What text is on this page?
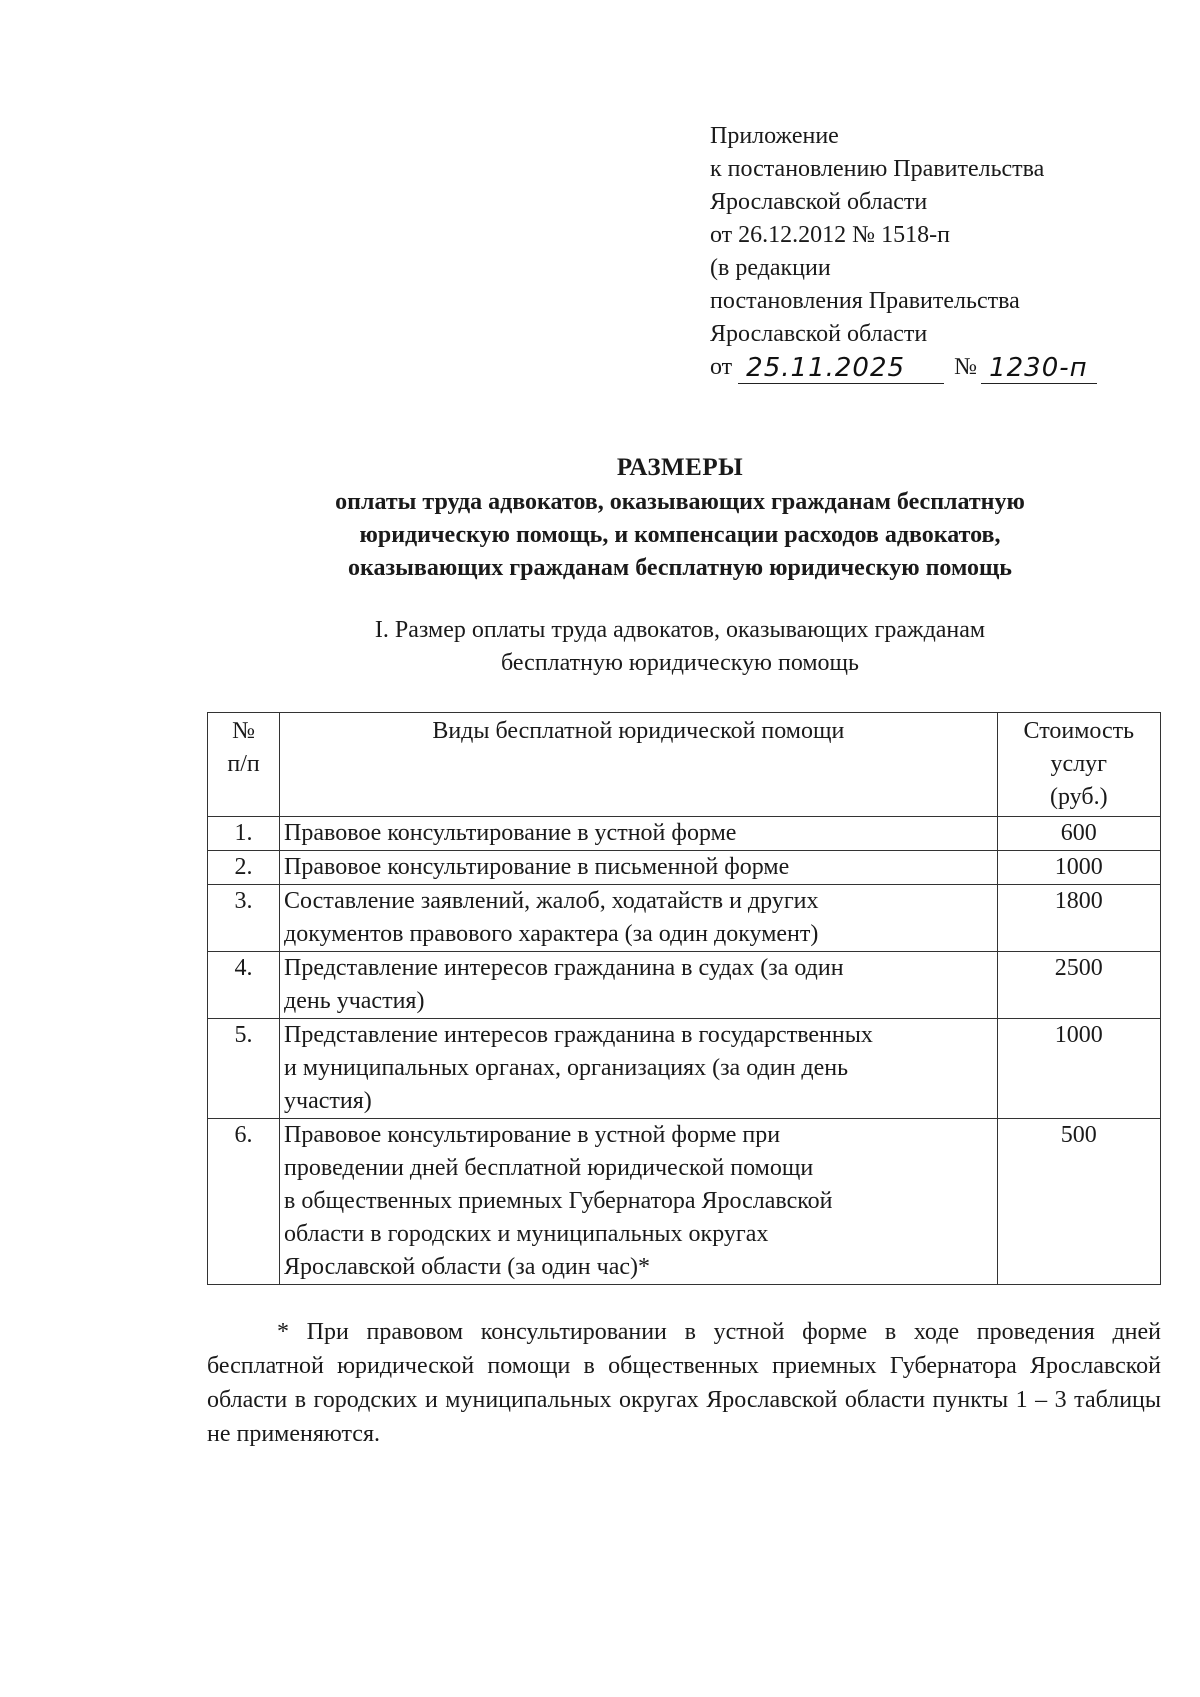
Приложение
к постановлению Правительства
Ярославской области
от 26.12.2012 № 1518-п
(в редакции
постановления Правительства
Ярославской области
от 25.11.2025	№ 1230-п
РАЗМЕРЫ
оплаты труда адвокатов, оказывающих гражданам бесплатную
юридическую помощь, и компенсации расходов адвокатов,
оказывающих гражданам бесплатную юридическую помощь
I. Размер оплаты труда адвокатов, оказывающих гражданам
бесплатную юридическую помощь
№
п/п	Виды бесплатной юридической помощи	Стоимость
услуг
(руб.)
1.	Правовое консультирование в устной форме	600
2.	Правовое консультирование в письменной форме	1000
3.	Составление заявлений, жалоб, ходатайств и других
документов правового характера (за один документ)	1800
4.	Представление интересов гражданина в судах (за один
день участия)	2500
5.	Представление интересов гражданина в государственных
и муниципальных органах, организациях (за один день
участия)	1000
6.	Правовое консультирование в устной форме при
проведении дней бесплатной юридической помощи
в общественных приемных Губернатора Ярославской
области в городских и муниципальных округах
Ярославской области (за один час)*	500
* При правовом консультировании в устной форме в ходе проведения дней бесплатной юридической помощи в общественных приемных Губернатора Ярославской области в городских и муниципальных округах Ярославской области пункты 1 – 3 таблицы не применяются.
